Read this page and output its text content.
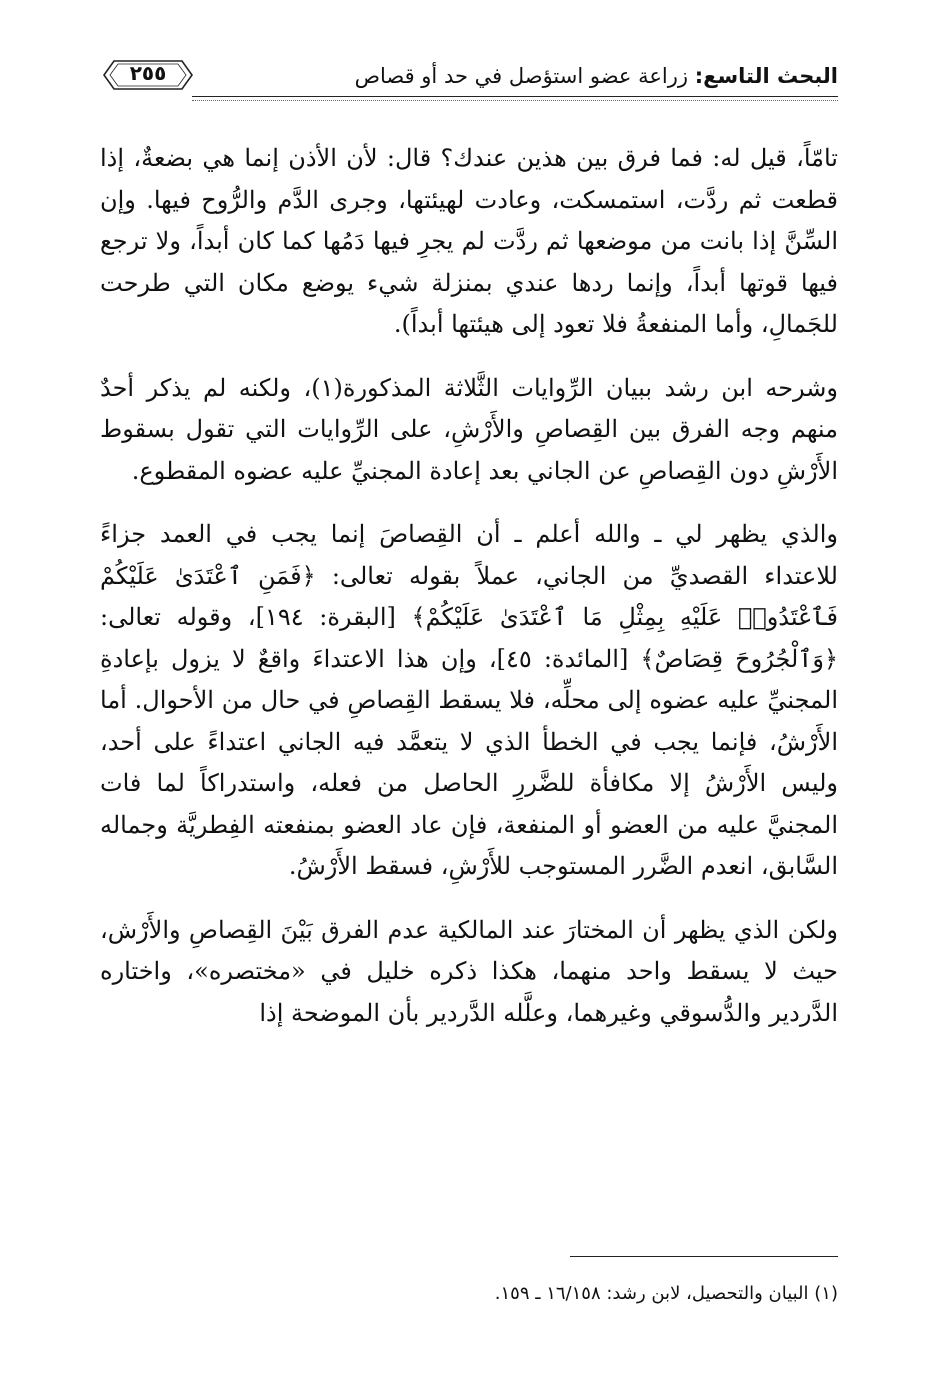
البحث التاسع: زراعة عضو استؤصل في حد أو قصاص
٢٥٥

تامّاً، قيل له: فما فرق بين هذين عندك؟ قال: لأن الأذن إنما هي بضعةٌ، إذا قطعت ثم ردَّت، استمسكت، وعادت لهيئتها، وجرى الدَّم والرُّوح فيها. وإن السِّنَّ إذا بانت من موضعها ثم ردَّت لم يجرِ فيها دَمُها كما كان أبداً، ولا ترجع فيها قوتها أبداً، وإنما ردها عندي بمنزلة شيء يوضع مكان التي طرحت للجَمالِ، وأما المنفعةُ فلا تعود إلى هيئتها أبداً).

وشرحه ابن رشد ببيان الرِّوايات الثَّلاثة المذكورة(١)، ولكنه لم يذكر أحدٌ منهم وجه الفرق بين القِصاصِ والأَرْشِ، على الرِّوايات التي تقول بسقوط الأَرْشِ دون القِصاصِ عن الجاني بعد إعادة المجنيِّ عليه عضوه المقطوع.

والذي يظهر لي ـ والله أعلم ـ أن القِصاصَ إنما يجب في العمد جزاءً للاعتداء القصديِّ من الجاني، عملاً بقوله تعالى: ﴿فَمَنِ ٱعْتَدَىٰ عَلَيْكُمْ فَٱعْتَدُوا۟ عَلَيْهِ بِمِثْلِ مَا ٱعْتَدَىٰ عَلَيْكُمْ﴾ [البقرة: ١٩٤]، وقوله تعالى: ﴿وَٱلْجُرُوحَ قِصَاصٌ﴾ [المائدة: ٤٥]، وإن هذا الاعتداءَ واقعٌ لا يزول بإعادةِ المجنيِّ عليه عضوه إلى محلِّه، فلا يسقط القِصاصِ في حال من الأحوال. أما الأَرْشُ، فإنما يجب في الخطأ الذي لا يتعمَّد فيه الجاني اعتداءً على أحد، وليس الأَرْشُ إلا مكافأة للضَّررِ الحاصل من فعله، واستدراكاً لما فات المجنيَّ عليه من العضو أو المنفعة، فإن عاد العضو بمنفعته الفِطريَّة وجماله السَّابق، انعدم الضَّرر المستوجب للأَرْشِ، فسقط الأَرْشُ.

ولكن الذي يظهر أن المختارَ عند المالكية عدم الفرق بَيْنَ القِصاصِ والأَرْش، حيث لا يسقط واحد منهما، هكذا ذكره خليل في «مختصره»، واختاره الدَّردير والدُّسوقي وغيرهما، وعلَّله الدَّردير بأن الموضحة إذا

(١) البيان والتحصيل، لابن رشد: ١٦/١٥٨ ـ ١٥٩.
